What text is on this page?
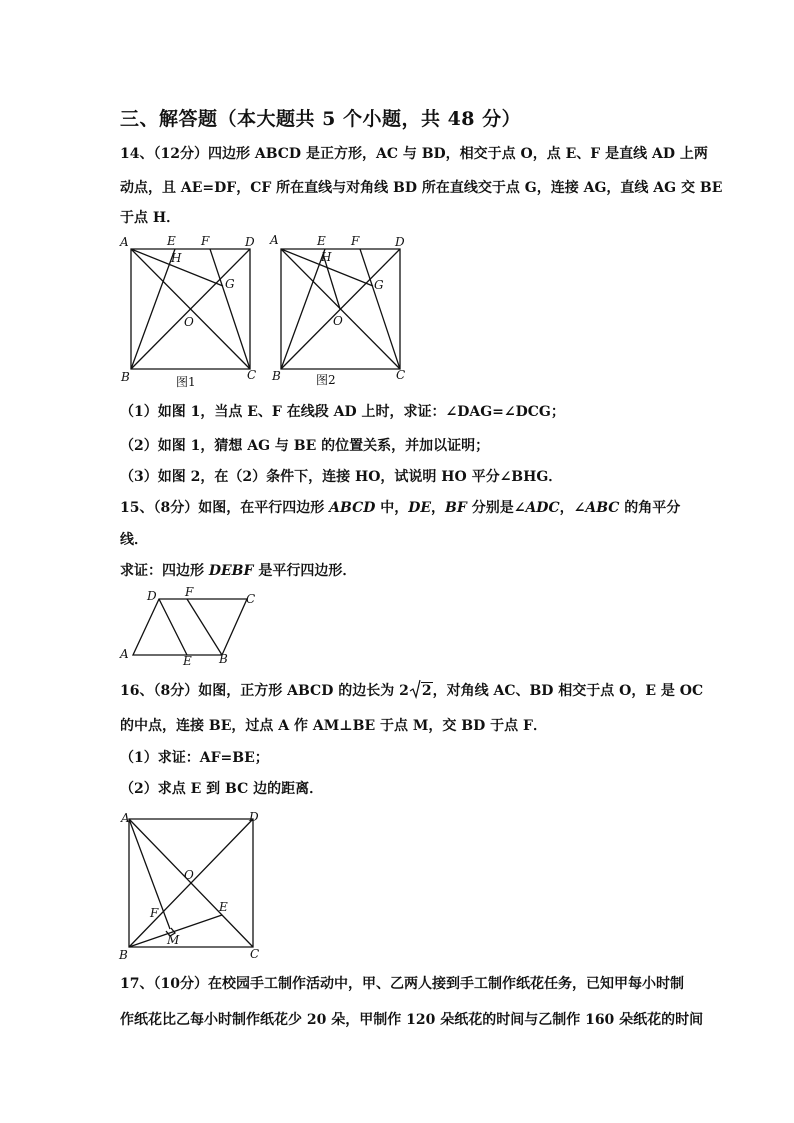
三、解答题（本大题共 5 个小题，共 48 分）
14、（12分）四边形 ABCD 是正方形，AC 与 BD，相交于点 O，点 E、F 是直线 AD 上两
动点，且 AE=DF，CF 所在直线与对角线 BD 所在直线交于点 G，连接 AG，直线 AG 交 BE
于点 H．
A	E F	D
H
G
O
B	C
图1
A	E F	D
H
G
O
B	C
图2
（1）如图 1，当点 E、F 在线段 AD 上时，求证：∠DAG=∠DCG；
（2）如图 1，猜想 AG 与 BE 的位置关系，并加以证明；
（3）如图 2，在（2）条件下，连接 HO，试说明 HO 平分∠BHG．
15、（8分）如图，在平行四边形 ABCD 中，DE，BF 分别是∠ADC，∠ABC 的角平分
线．
求证：四边形 DEBF 是平行四边形．
D F	C
A	E B
16、（8分）如图，正方形 ABCD 的边长为 2 2，对角线 AC、BD 相交于点 O，E 是 OC
的中点，连接 BE，过点 A 作 AM⊥BE 于点 M，交 BD 于点 F．
（1）求证：AF=BE；
（2）求点 E 到 BC 边的距离．
A	D
O
E
F
M
B	C
17、（10分）在校园手工制作活动中，甲、乙两人接到手工制作纸花任务，已知甲每小时制
作纸花比乙每小时制作纸花少 20 朵，甲制作 120 朵纸花的时间与乙制作 160 朵纸花的时间
